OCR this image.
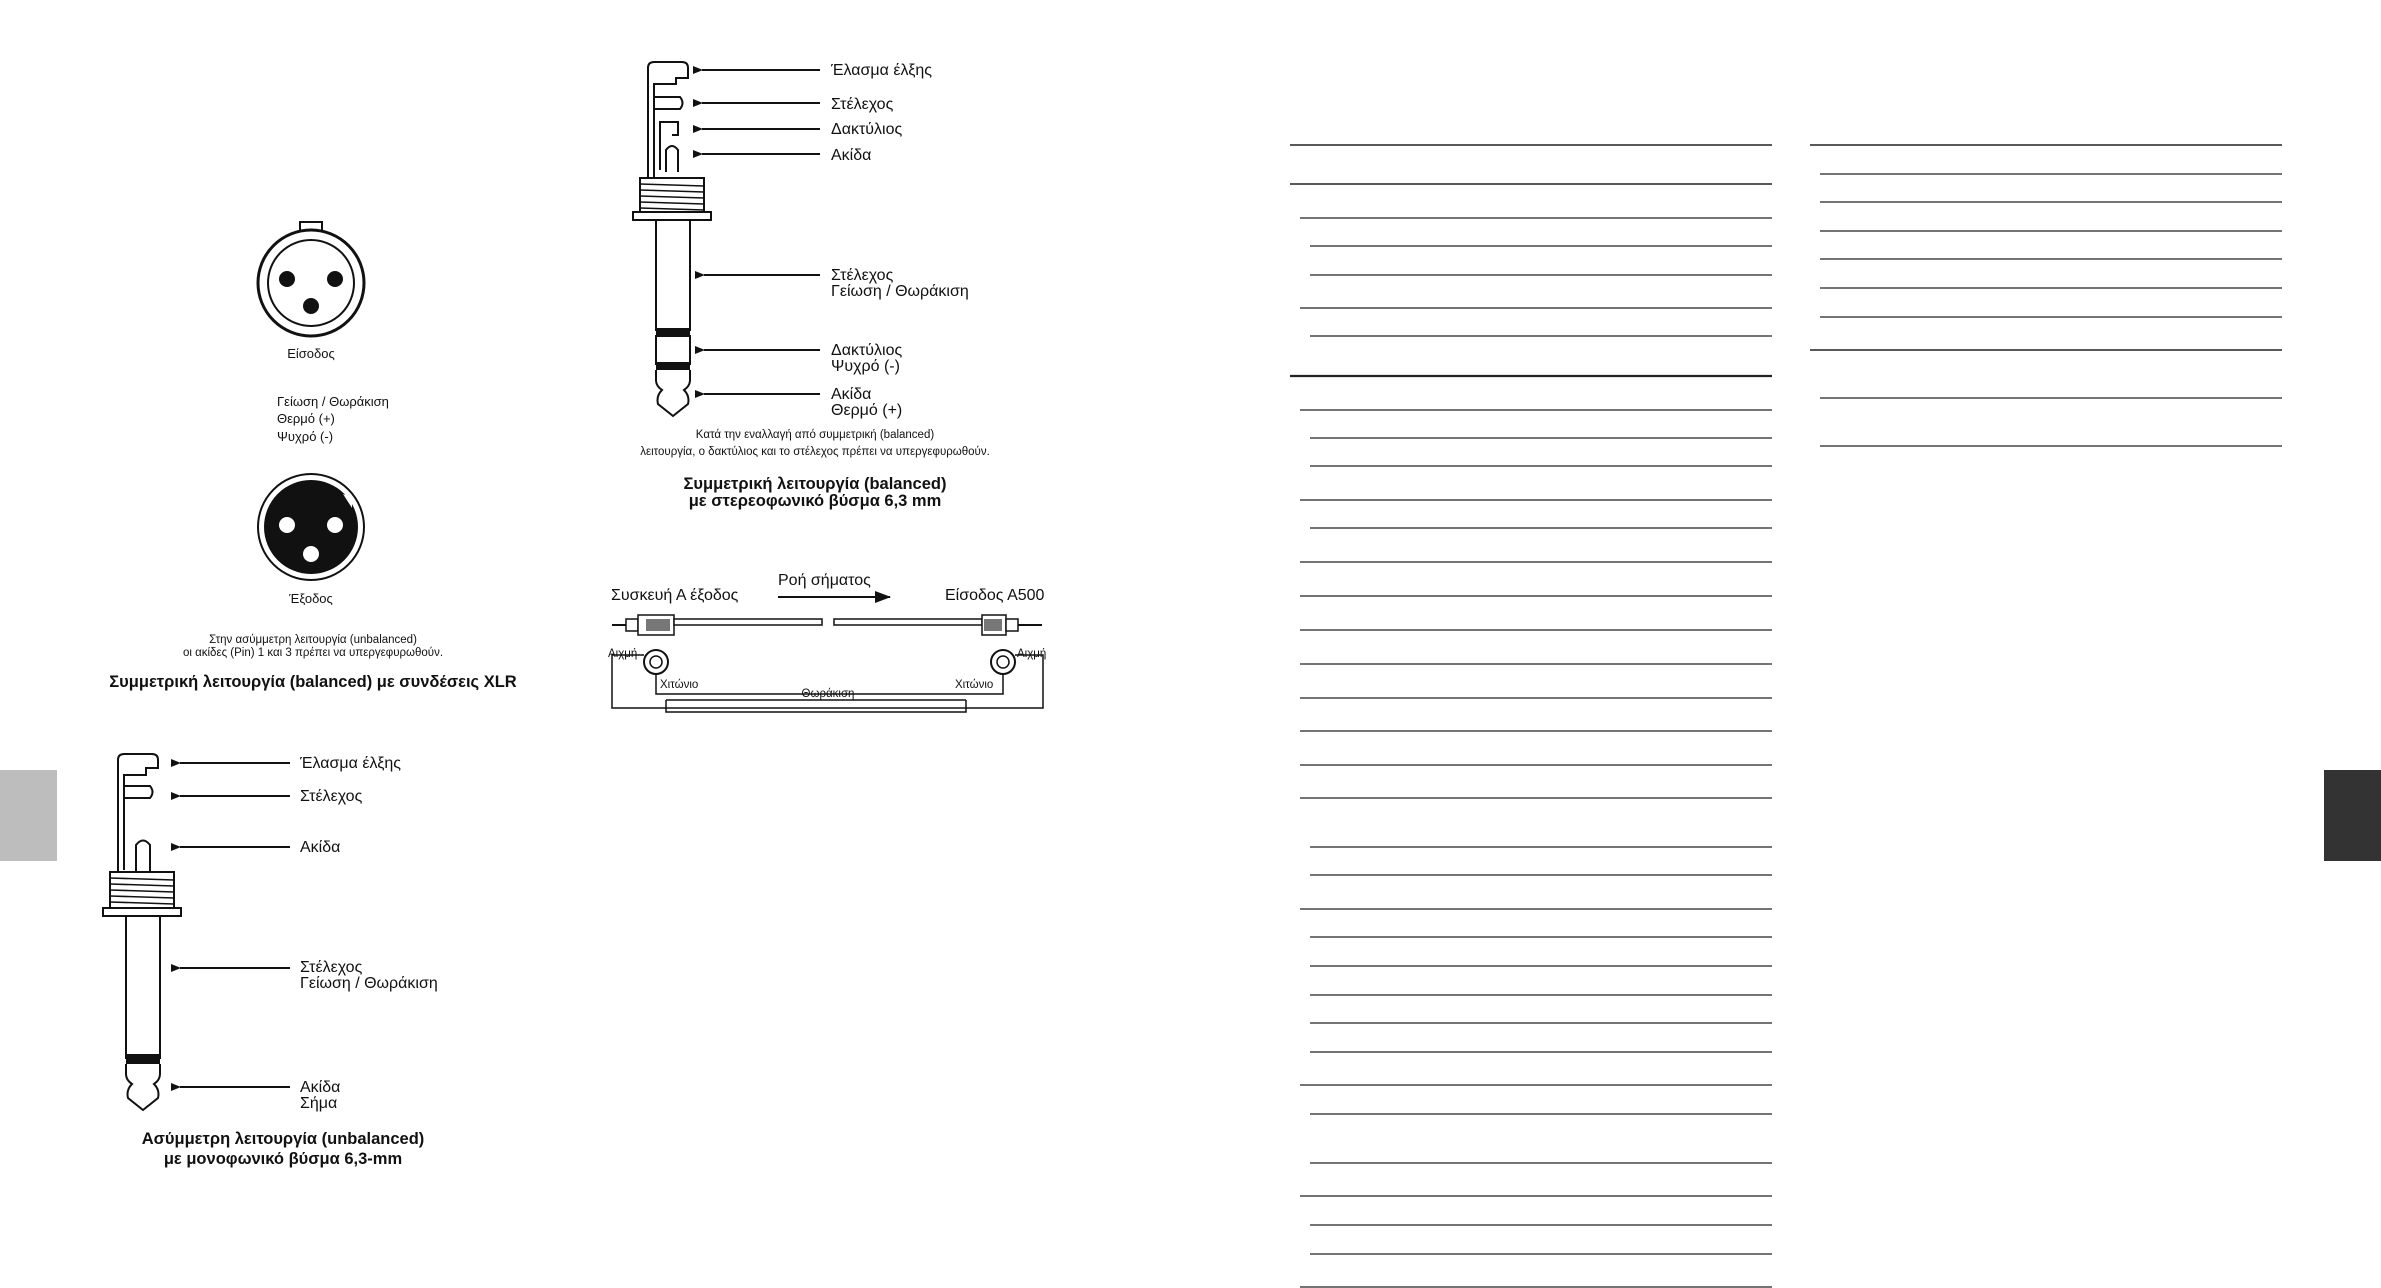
Είσοδος
Γείωση / Θωράκιση
Θερμό (+)
Ψυχρό (-)
Έξοδος
Στην ασύμμετρη λειτουργία (unbalanced)
οι ακίδες (Pin) 1 και 3 πρέπει να υπεργεφυρωθούν.
Συμμετρική λειτουργία (balanced) με συνδέσεις XLR
Έλασμα έλξης
Στέλεχος
Ακίδα
Στέλεχος
Γείωση / Θωράκιση
Ακίδα
Σήμα
Ασύμμετρη λειτουργία (unbalanced)
με μονοφωνικό βύσμα 6,3-mm
Έλασμα έλξης
Στέλεχος
Δακτύλιος
Ακίδα
Στέλεχος
Γείωση / Θωράκιση
Δακτύλιος
Ψυχρό (-)
Ακίδα
Θερμό (+)
Κατά την εναλλαγή από συμμετρική (balanced)
λειτουργία, ο δακτύλιος και το στέλεχος πρέπει να υπεργεφυρωθούν.
Συμμετρική λειτουργία (balanced)
με στερεοφωνικό βύσμα 6,3 mm
Συσκευή Α έξοδος
Ροή σήματος
Είσοδος Α500
Αιχμή	Αιχμή
Χιτώνιο	Χιτώνιο
Θωράκιση
